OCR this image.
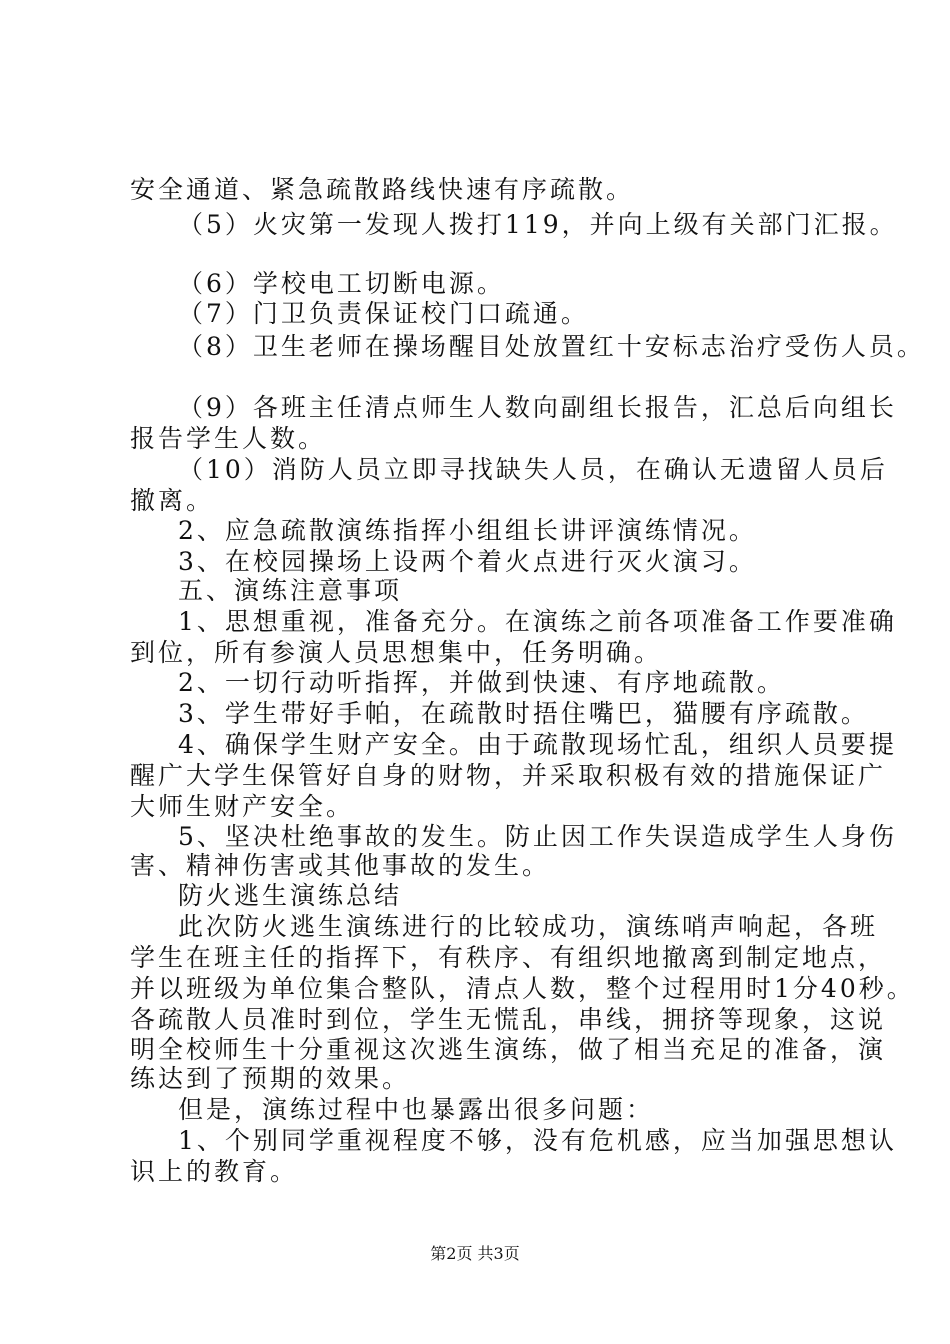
安全通道、紧急疏散路线快速有序疏散。
（5）火灾第一发现人拨打119，并向上级有关部门汇报。
（6）学校电工切断电源。
（7）门卫负责保证校门口疏通。
（8）卫生老师在操场醒目处放置红十安标志治疗受伤人员。
（9）各班主任清点师生人数向副组长报告，汇总后向组长
报告学生人数。
（10）消防人员立即寻找缺失人员，在确认无遗留人员后
撤离。
2、应急疏散演练指挥小组组长讲评演练情况。
3、在校园操场上设两个着火点进行灭火演习。
五、演练注意事项
1、思想重视，准备充分。在演练之前各项准备工作要准确
到位，所有参演人员思想集中，任务明确。
2、一切行动听指挥，并做到快速、有序地疏散。
3、学生带好手帕，在疏散时捂住嘴巴，猫腰有序疏散。
4、确保学生财产安全。由于疏散现场忙乱，组织人员要提
醒广大学生保管好自身的财物，并采取积极有效的措施保证广
大师生财产安全。
5、坚决杜绝事故的发生。防止因工作失误造成学生人身伤
害、精神伤害或其他事故的发生。
防火逃生演练总结
此次防火逃生演练进行的比较成功，演练哨声响起，各班
学生在班主任的指挥下，有秩序、有组织地撤离到制定地点，
并以班级为单位集合整队，清点人数，整个过程用时1分40秒。
各疏散人员准时到位，学生无慌乱，串线，拥挤等现象，这说
明全校师生十分重视这次逃生演练，做了相当充足的准备，演
练达到了预期的效果。
但是，演练过程中也暴露出很多问题：
1、个别同学重视程度不够，没有危机感，应当加强思想认
识上的教育。
第2页 共3页
